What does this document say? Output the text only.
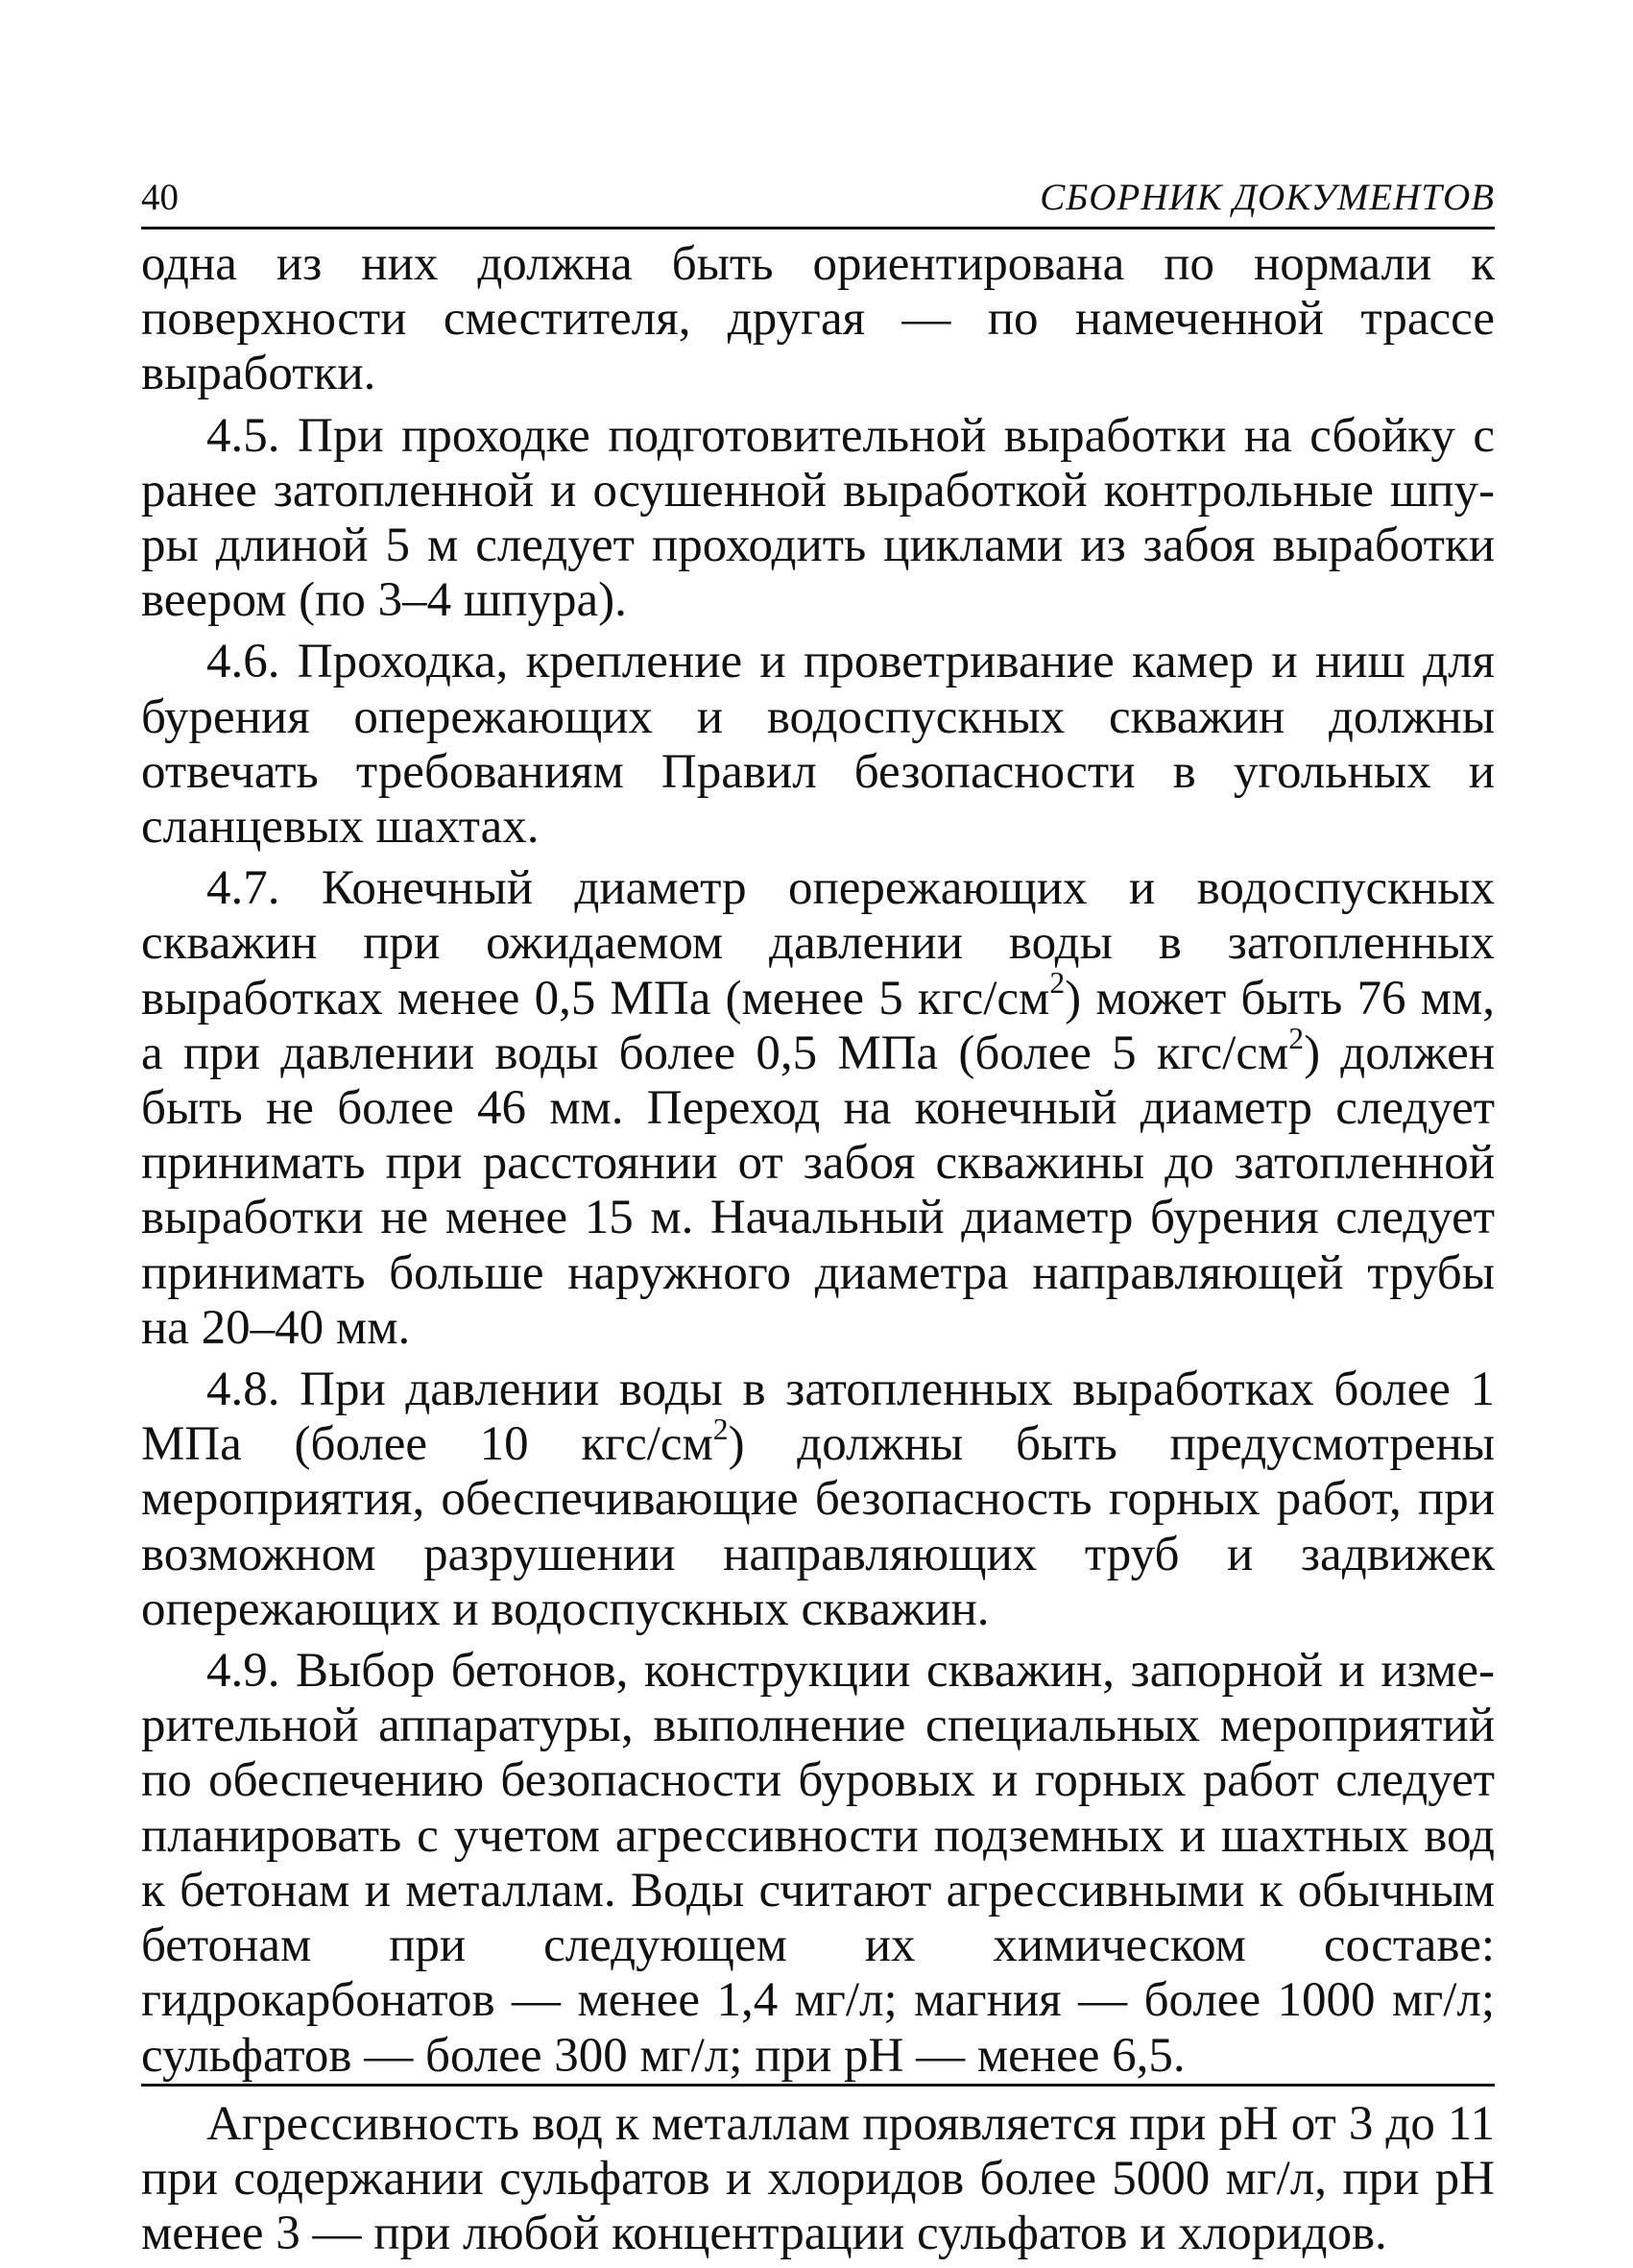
40	СБОРНИК ДОКУМЕНТОВ

одна из них должна быть ориентирована по нормали к поверхности сместителя, другая — по намеченной трассе выработки.

4.5. При проходке подготовительной выработки на сбойку с ранее затопленной и осушенной выработкой контрольные шпуры длиной 5 м следует проходить циклами из забоя выработки веером (по 3–4 шпура).

4.6. Проходка, крепление и проветривание камер и ниш для бурения опережающих и водоспускных скважин должны отвечать требованиям Правил безопасности в угольных и сланцевых шахтах.

4.7. Конечный диаметр опережающих и водоспускных скважин при ожидаемом давлении воды в затопленных выработках менее 0,5 МПа (менее 5 кгс/$см^2$) может быть 76 мм, а при давлении воды более 0,5 МПа (более 5 кгс/$см^2$) должен быть не более 46 мм. Переход на конечный диаметр следует принимать при расстоянии от забоя скважины до затопленной выработки не менее 15 м. Начальный диаметр бурения следует принимать больше наружного диаметра направляющей трубы на 20–40 мм.

4.8. При давлении воды в затопленных выработках более 1 МПа (более 10 кгс/$см^2$) должны быть предусмотрены мероприятия, обеспечивающие безопасность горных работ, при возможном разрушении направляющих труб и задвижек опережающих и водоспускных скважин.

4.9. Выбор бетонов, конструкции скважин, запорной и измерительной аппаратуры, выполнение специальных мероприятий по обеспечению безопасности буровых и горных работ следует планировать с учетом агрессивности подземных и шахтных вод к бетонам и металлам. Воды считают агрессивными к обычным бетонам при следующем их химическом составе: гидрокарбонатов — менее 1,4 мг/л; магния — более 1000 мг/л; сульфатов — более 300 мг/л; при pH — менее 6,5.

Агрессивность вод к металлам проявляется при pH от 3 до 11 при содержании сульфатов и хлоридов более 5000 мг/л, при pH менее 3 — при любой концентрации сульфатов и хлоридов.
